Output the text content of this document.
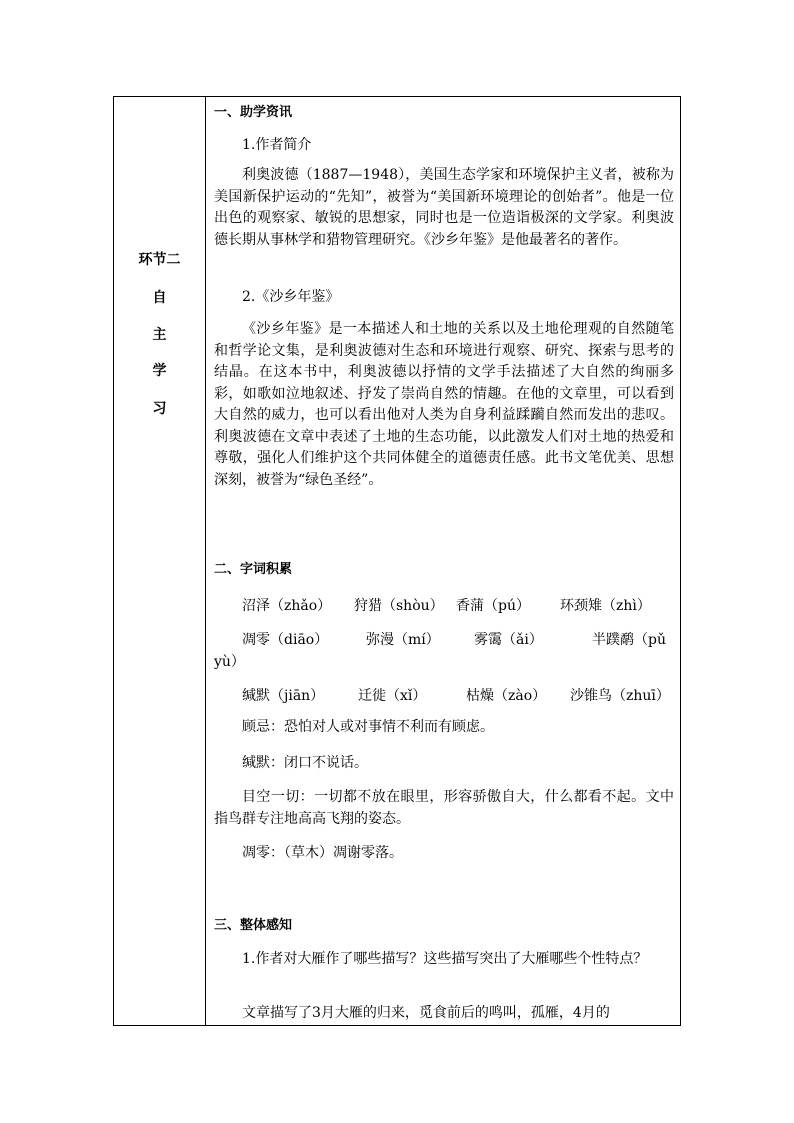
环节二
自
主
学
习
一、助学资讯
1.作者简介
利奥波德（1887—1948），美国生态学家和环境保护主义者，被称为美国新保护运动的“先知”，被誉为“美国新环境理论的创始者”。他是一位出色的观察家、敏锐的思想家，同时也是一位造诣极深的文学家。利奥波德长期从事林学和猎物管理研究。《沙乡年鉴》是他最著名的著作。
2.《沙乡年鉴》
《沙乡年鉴》是一本描述人和土地的关系以及土地伦理观的自然随笔和哲学论文集，是利奥波德对生态和环境进行观察、研究、探索与思考的结晶。在这本书中，利奥波德以抒情的文学手法描述了大自然的绚丽多彩，如歌如泣地叙述、抒发了崇尚自然的情趣。在他的文章里，可以看到大自然的威力，也可以看出他对人类为自身利益蹂躏自然而发出的悲叹。利奥波德在文章中表述了土地的生态功能，以此激发人们对土地的热爱和尊敬，强化人们维护这个共同体健全的道德责任感。此书文笔优美、思想深刻，被誉为“绿色圣经”。
二、字词积累
沼泽（zhǎo） 狩猎（shòu） 香蒲（pú） 环颈雉（zhì）
凋零（diāo）	弥漫（mí） 雾霭（ǎi）	半蹼鹬（pǔ
yù）
缄默（jiān） 迁徙（xǐ）	枯燥（zào） 沙锥鸟（zhuī）
顾忌：恐怕对人或对事情不利而有顾虑。
缄默：闭口不说话。
目空一切：一切都不放在眼里，形容骄傲自大，什么都看不起。文中指鸟群专注地高高飞翔的姿态。
凋零：（草木）凋谢零落。
三、整体感知
1.作者对大雁作了哪些描写？这些描写突出了大雁哪些个性特点？
文章描写了3月大雁的归来，觅食前后的鸣叫，孤雁，4月的
